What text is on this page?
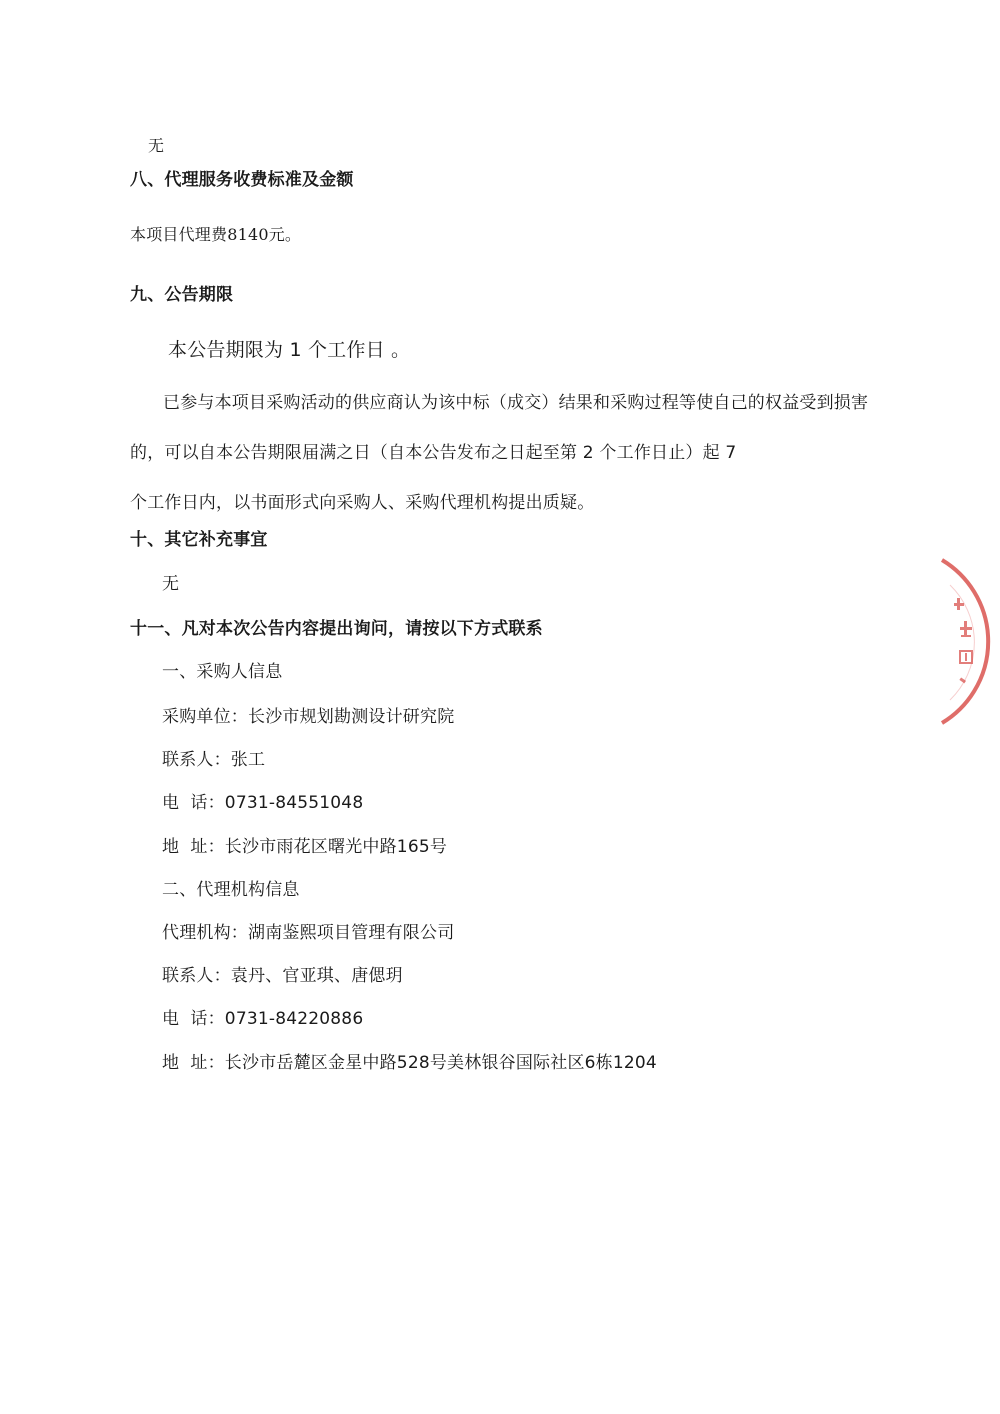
无
八、代理服务收费标准及金额
本项目代理费8140元。
九、公告期限
本公告期限为 1 个工作日 。
已参与本项目采购活动的供应商认为该中标（成交）结果和采购过程等使自己的权益受到损害
的，可以自本公告期限届满之日（自本公告发布之日起至第 2 个工作日止）起 7
个工作日内，以书面形式向采购人、采购代理机构提出质疑。
十、其它补充事宜
无
十一、凡对本次公告内容提出询问，请按以下方式联系
一、采购人信息
采购单位：长沙市规划勘测设计研究院
联系人：张工
电  话：0731-84551048
地  址：长沙市雨花区曙光中路165号
二、代理机构信息
代理机构：湖南鉴熙项目管理有限公司
联系人：袁丹、官亚琪、唐偲玥
电  话：0731-84220886
地  址：长沙市岳麓区金星中路528号美林银谷国际社区6栋1204
